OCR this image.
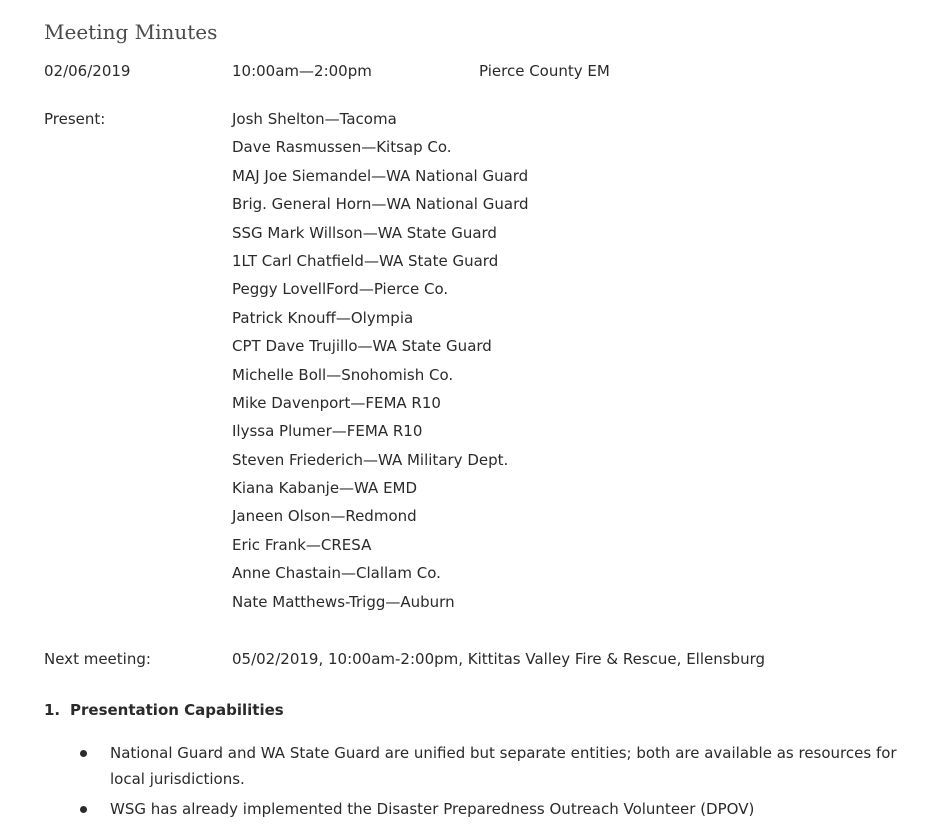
Meeting Minutes
02/06/2019	10:00am—2:00pm	Pierce County EM
Present:	Josh Shelton—Tacoma
Dave Rasmussen—Kitsap Co.
MAJ Joe Siemandel—WA National Guard
Brig. General Horn—WA National Guard
SSG Mark Willson—WA State Guard
1LT Carl Chatfield—WA State Guard
Peggy LovellFord—Pierce Co.
Patrick Knouff—Olympia
CPT Dave Trujillo—WA State Guard
Michelle Boll—Snohomish Co.
Mike Davenport—FEMA R10
Ilyssa Plumer—FEMA R10
Steven Friederich—WA Military Dept.
Kiana Kabanje—WA EMD
Janeen Olson—Redmond
Eric Frank—CRESA
Anne Chastain—Clallam Co.
Nate Matthews-Trigg—Auburn
Next meeting:	05/02/2019, 10:00am-2:00pm, Kittitas Valley Fire & Rescue, Ellensburg
1. Presentation Capabilities
National Guard and WA State Guard are unified but separate entities; both are available as resources for local jurisdictions.
WSG has already implemented the Disaster Preparedness Outreach Volunteer (DPOV)
